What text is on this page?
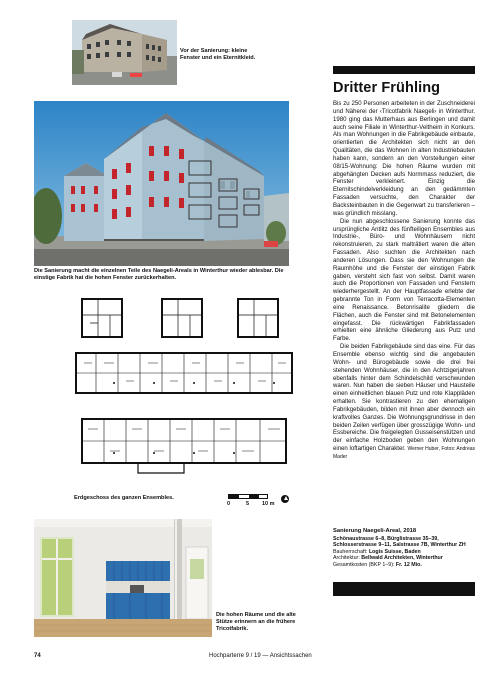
Vor der Sanierung: kleine Fenster und ein Eternitkleid.
Dritter Frühling
Die Sanierung macht die einzelnen Teile des Naegeli-Areals in Winterthur wieder ablesbar. Die einstige Fabrik hat die hohen Fenster zurückerhalten.
Erdgeschoss des ganzen Ensembles.
0	5 10 m
Die hohen Räume und die alte Stütze erinnern an die frühere Tricotfabrik.

Bis zu 250 Personen arbeiteten in der Zuschneiderei und Näherei der ‹Tricotfabrik Naegeli› in Winterthur. 1980 ging das Mutterhaus aus Berlingen und damit auch seine Filiale in Winterthur-Veltheim in Konkurs. Als man Wohnungen in die Fabrikgebäude einbaute, orientierten die Architekten sich nicht an den Qualitäten, die das Wohnen in alten Industriebauten haben kann, sondern an den Vorstellungen einer 08/15-Wohnung: Die hohen Räume wurden mit abgehängten Decken aufs Normmass reduziert, die Fenster verkleinert. Einzig die Eternitschindelverkleidung an den gedämmten Fassaden versuchte, den Charakter der Backsteinbauten in die Gegenwart zu transferieren – was gründlich misslang.

Die nun abgeschlossene Sanierung konnte das ursprüngliche Antlitz des fünfteiligen Ensembles aus Industrie-, Büro- und Wohnhäusern nicht rekonstruieren, zu stark malträtiert waren die alten Fassaden. Also suchten die Architekten nach anderen Lösungen. Dass sie den Wohnungen die Raumhöhe und die Fenster der einstigen Fabrik gaben, versteht sich fast von selbst. Damit waren auch die Proportionen von Fassaden und Fenstern wiederhergestellt. An der Hauptfassade erlebte der gebrannte Ton in Form von Terracotta-Elementen eine Renaissance. Betonrisalite gliedern die Flächen, auch die Fenster sind mit Betonelementen eingefasst. Die rückwärtigen Fabrikfassaden erhielten eine ähnliche Gliederung aus Putz und Farbe.

Die beiden Fabrikgebäude sind das eine. Für das Ensemble ebenso wichtig sind die angebauten Wohn- und Bürogebäude sowie die drei frei stehenden Wohnhäuser, die in den Achtzigerjahren ebenfalls hinter dem Schindelschild verschwunden waren. Nun haben die sieben Häuser und Hausteile einen einheitlichen blauen Putz und rote Klappläden erhalten. Sie kontrastieren zu den ehemaligen Fabrikgebäuden, bilden mit ihnen aber dennoch ein kraftvolles Ganzes. Die Wohnungsgrundrisse in den beiden Zeilen verfügen über grosszügige Wohn- und Essbereiche. Die freigelegten Gusseisenstützen und der einfache Holzboden geben den Wohnungen einen loftartigen Charakter. Werner Huber, Fotos: Andreas Mader

Sanierung Naegeli-Areal, 2018
Schönaustrasse 6–8, Bürglistrasse 35–39,
Schlosserstrasse 9–11, Salstrasse 7B, Winterthur ZH
Bauherrschaft: Logis Suisse, Baden
Architektur: Bellwald Architekten, Winterthur
Gesamtkosten (BKP 1–9): Fr. 12 Mio.
74	Hochparterre 9 / 19 — Ansichtssachen
